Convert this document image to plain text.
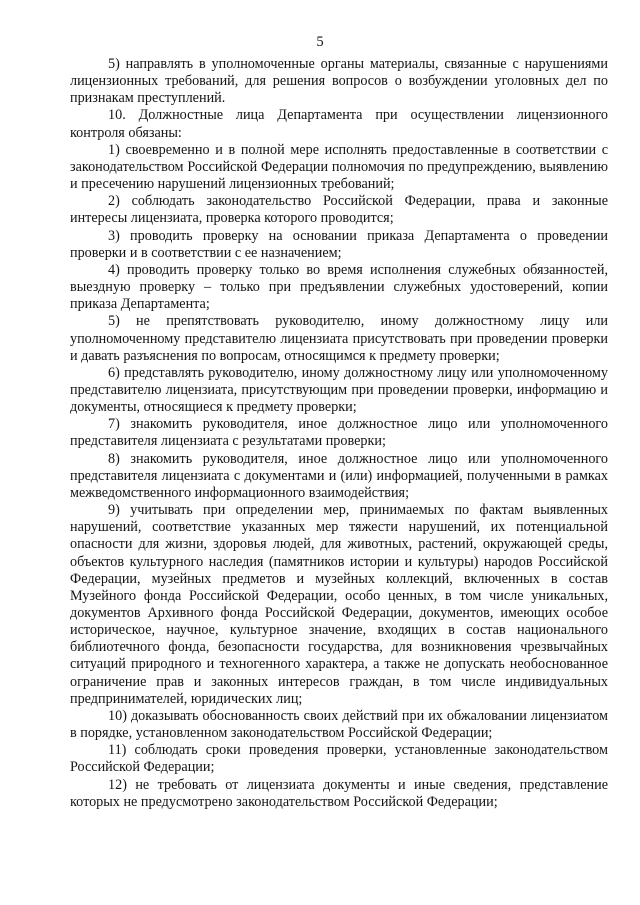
5

5) направлять в уполномоченные органы материалы, связанные с нарушениями лицензионных требований, для решения вопросов о возбуждении уголовных дел по признакам преступлений.

10. Должностные лица Департамента при осуществлении лицензионного контроля обязаны:

1) своевременно и в полной мере исполнять предоставленные в соответствии с законодательством Российской Федерации полномочия по предупреждению, выявлению и пресечению нарушений лицензионных требований;

2) соблюдать законодательство Российской Федерации, права и законные интересы лицензиата, проверка которого проводится;

3) проводить проверку на основании приказа Департамента о проведении проверки и в соответствии с ее назначением;

4) проводить проверку только во время исполнения служебных обязанностей, выездную проверку – только при предъявлении служебных удостоверений, копии приказа Департамента;

5) не препятствовать руководителю, иному должностному лицу или уполномоченному представителю лицензиата присутствовать при проведении проверки и давать разъяснения по вопросам, относящимся к предмету проверки;

6) представлять руководителю, иному должностному лицу или уполномоченному представителю лицензиата, присутствующим при проведении проверки, информацию и документы, относящиеся к предмету проверки;

7) знакомить руководителя, иное должностное лицо или уполномоченного представителя лицензиата с результатами проверки;

8) знакомить руководителя, иное должностное лицо или уполномоченного представителя лицензиата с документами и (или) информацией, полученными в рамках межведомственного информационного взаимодействия;

9) учитывать при определении мер, принимаемых по фактам выявленных нарушений, соответствие указанных мер тяжести нарушений, их потенциальной опасности для жизни, здоровья людей, для животных, растений, окружающей среды, объектов культурного наследия (памятников истории и культуры) народов Российской Федерации, музейных предметов и музейных коллекций, включенных в состав Музейного фонда Российской Федерации, особо ценных, в том числе уникальных, документов Архивного фонда Российской Федерации, документов, имеющих особое историческое, научное, культурное значение, входящих в состав национального библиотечного фонда, безопасности государства, для возникновения чрезвычайных ситуаций природного и техногенного характера, а также не допускать необоснованное ограничение прав и законных интересов граждан, в том числе индивидуальных предпринимателей, юридических лиц;

10) доказывать обоснованность своих действий при их обжаловании лицензиатом в порядке, установленном законодательством Российской Федерации;

11) соблюдать сроки проведения проверки, установленные законодательством Российской Федерации;

12) не требовать от лицензиата документы и иные сведения, представление которых не предусмотрено законодательством Российской Федерации;
